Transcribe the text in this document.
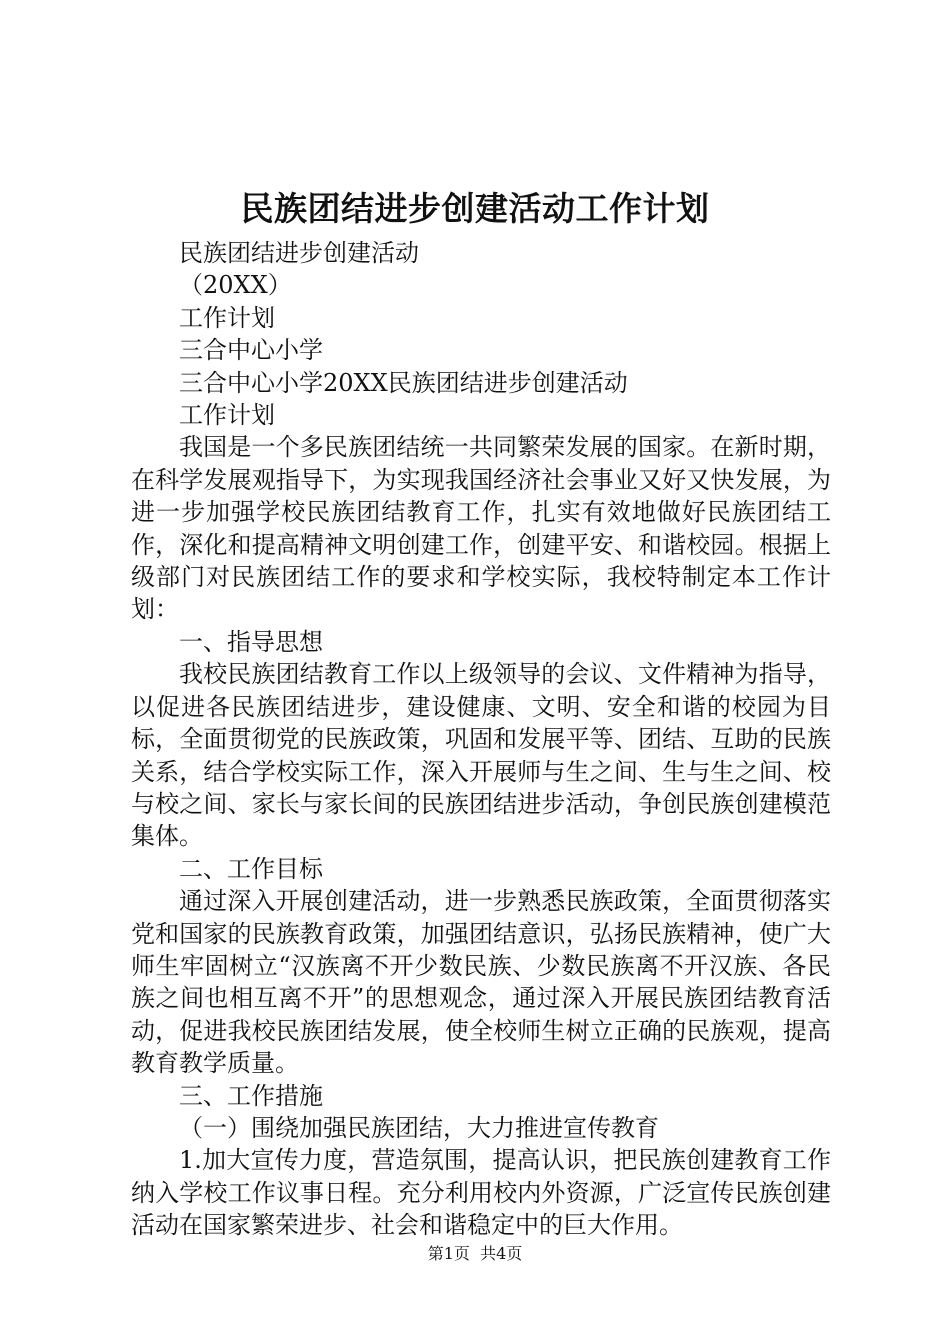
民族团结进步创建活动工作计划

民族团结进步创建活动

（20XX）

工作计划

三合中心小学

三合中心小学20XX民族团结进步创建活动

工作计划

我国是一个多民族团结统一共同繁荣发展的国家。在新时期，在科学发展观指导下，为实现我国经济社会事业又好又快发展，为进一步加强学校民族团结教育工作，扎实有效地做好民族团结工作，深化和提高精神文明创建工作，创建平安、和谐校园。根据上级部门对民族团结工作的要求和学校实际，我校特制定本工作计划：

一、指导思想

我校民族团结教育工作以上级领导的会议、文件精神为指导，以促进各民族团结进步，建设健康、文明、安全和谐的校园为目标，全面贯彻党的民族政策，巩固和发展平等、团结、互助的民族关系，结合学校实际工作，深入开展师与生之间、生与生之间、校与校之间、家长与家长间的民族团结进步活动，争创民族创建模范集体。

二、工作目标

通过深入开展创建活动，进一步熟悉民族政策，全面贯彻落实党和国家的民族教育政策，加强团结意识，弘扬民族精神，使广大师生牢固树立“汉族离不开少数民族、少数民族离不开汉族、各民族之间也相互离不开”的思想观念，通过深入开展民族团结教育活动，促进我校民族团结发展，使全校师生树立正确的民族观，提高教育教学质量。

三、工作措施

（一）围绕加强民族团结，大力推进宣传教育

1.加大宣传力度，营造氛围，提高认识，把民族创建教育工作纳入学校工作议事日程。充分利用校内外资源，广泛宣传民族创建活动在国家繁荣进步、社会和谐稳定中的巨大作用。

第1页 共4页
